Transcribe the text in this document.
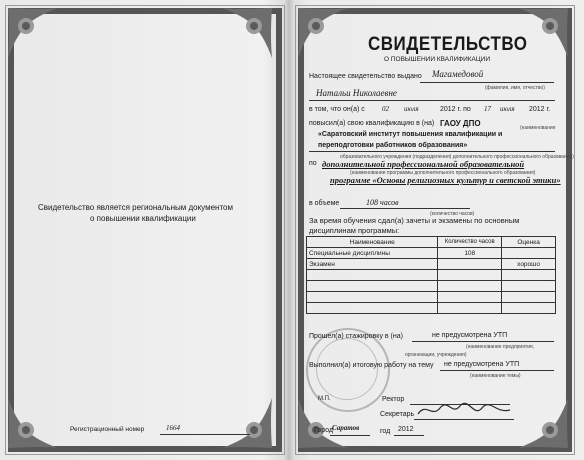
Свидетельство является региональным документом
о повышении квалификации
Регистрационный номер	1664
СВИДЕТЕЛЬСТВО
О ПОВЫШЕНИИ КВАЛИФИКАЦИИ
Настоящее свидетельство выдано Магамедовой
(фамилия, имя, отчество)
Натальи Николаевне
в том, что он(а) с 02 июля	2012 г. по 17 июля 2012 г.
повысил(а) свою квалификацию в (на) ГАОУ ДПО	(наименование
«Саратовский институт повышения квалификации и
переподготовки работников образования»
образовательного учреждения (подразделения) дополнительного профессионального образования)
по дополнительной профессиональной образовательной
(наименование программы дополнительного профессионального образования)
программе «Основы религиозных культур и светской этики»
в объеме	108 часов
(количество часов)
За время обучения сдал(а) зачеты и экзамены по основным
дисциплинам программы:
Наименование	Количество часов	Оценка
Специальные дисциплины	108	
Экзамен		хорошо

Прошел(а) стажировку в (на)	не предусмотрена УТП
(наименование предприятия,
организации, учреждения)
Выполнил(а) итоговую работу на тему не предусмотрена УТП
(наименование темы)
М.П.	Ректор
Секретарь
Город Саратов	год 2012
